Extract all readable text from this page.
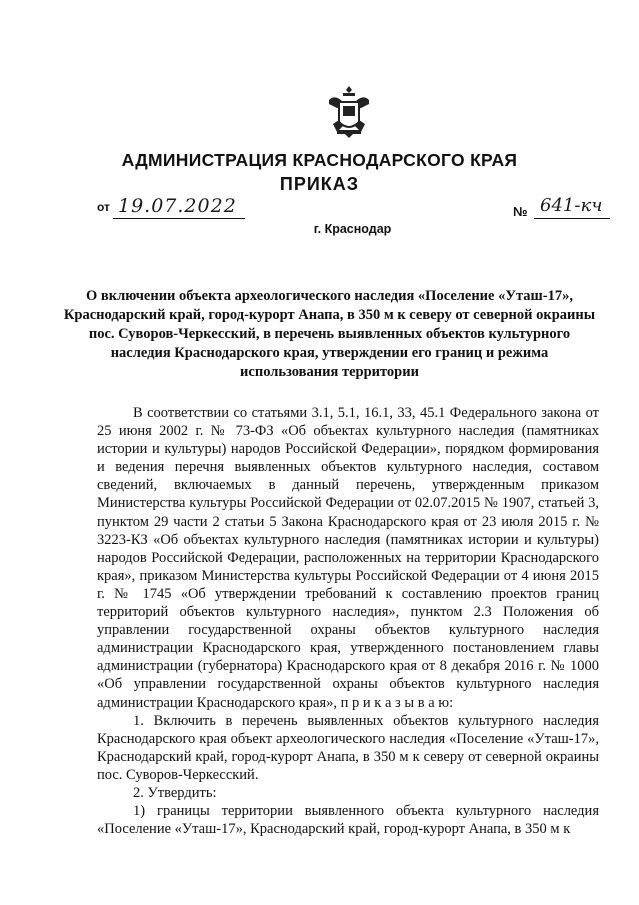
АДМИНИСТРАЦИЯ КРАСНОДАРСКОГО КРАЯ
ПРИКАЗ
от 19.07.2022	№ 641-кч
г. Краснодар
О включении объекта археологического наследия «Поселение «Уташ-17», Краснодарский край, город-курорт Анапа, в 350 м к северу от северной окраины пос. Суворов-Черкесский, в перечень выявленных объектов культурного наследия Краснодарского края, утверждении его границ и режима использования территории
В соответствии со статьями 3.1, 5.1, 16.1, 33, 45.1 Федерального закона от 25 июня 2002 г. № 73-ФЗ «Об объектах культурного наследия (памятниках истории и культуры) народов Российской Федерации», порядком формирования и ведения перечня выявленных объектов культурного наследия, составом сведений, включаемых в данный перечень, утвержденным приказом Министерства культуры Российской Федерации от 02.07.2015 № 1907, статьей 3, пунктом 29 части 2 статьи 5 Закона Краснодарского края от 23 июля 2015 г. № 3223-КЗ «Об объектах культурного наследия (памятниках истории и культуры) народов Российской Федерации, расположенных на территории Краснодарского края», приказом Министерства культуры Российской Федерации от 4 июня 2015 г. № 1745 «Об утверждении требований к составлению проектов границ территорий объектов культурного наследия», пунктом 2.3 Положения об управлении государственной охраны объектов культурного наследия администрации Краснодарского края, утвержденного постановлением главы администрации (губернатора) Краснодарского края от 8 декабря 2016 г. № 1000 «Об управлении государственной охраны объектов культурного наследия администрации Краснодарского края», п р и к а з ы в а ю:
1. Включить в перечень выявленных объектов культурного наследия Краснодарского края объект археологического наследия «Поселение «Уташ-17», Краснодарский край, город-курорт Анапа, в 350 м к северу от северной окраины пос. Суворов-Черкесский.
2. Утвердить:
1) границы территории выявленного объекта культурного наследия «Поселение «Уташ-17», Краснодарский край, город-курорт Анапа, в 350 м к
